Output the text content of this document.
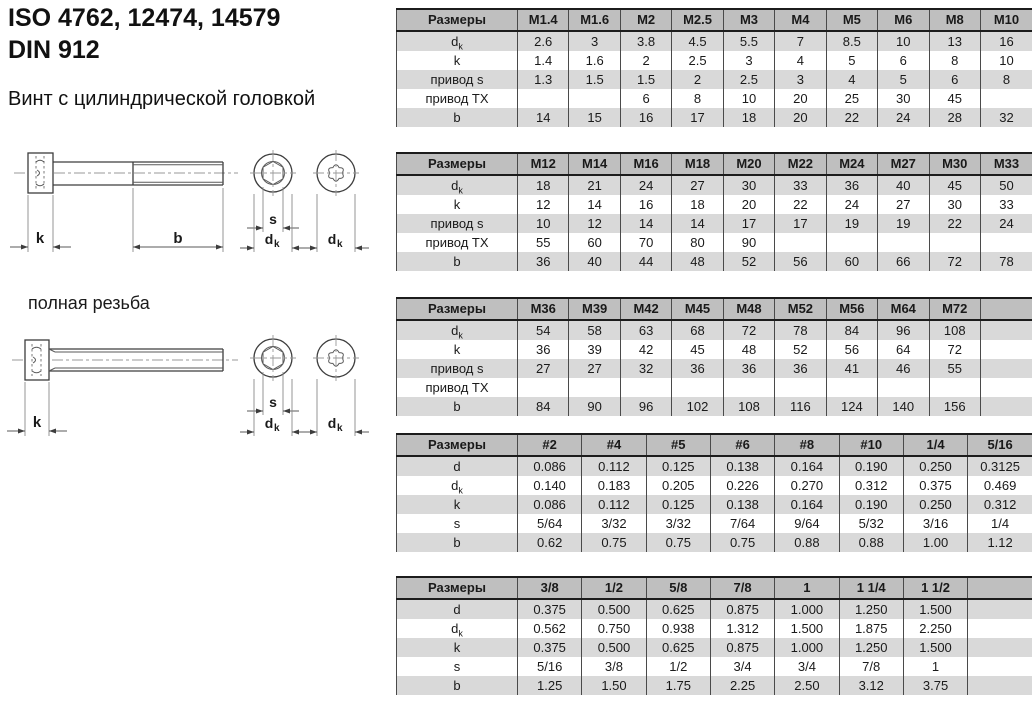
ISO 4762, 12474, 14579
DIN 912
Винт с цилиндрической головкой
полная резьба
k	b
s
d k	d k
k
s
d k	d k
Размеры	M1.4	M1.6	M2	M2.5	M3	M4	M5	M6	M8	M10
$d_k$	2.6	3	3.8	4.5	5.5	7	8.5	10	13	16
k	1.4	1.6	2	2.5	3	4	5	6	8	10
привод s	1.3	1.5	1.5	2	2.5	3	4	5	6	8
привод TX			6	8	10	20	25	30	45	
b	14	15	16	17	18	20	22	24	28	32
Размеры	M12	M14	M16	M18	M20	M22	M24	M27	M30	M33
$d_k$	18	21	24	27	30	33	36	40	45	50
k	12	14	16	18	20	22	24	27	30	33
привод s	10	12	14	14	17	17	19	19	22	24
привод TX	55	60	70	80	90					
b	36	40	44	48	52	56	60	66	72	78
Размеры	M36	M39	M42	M45	M48	M52	M56	M64	M72	
$d_k$	54	58	63	68	72	78	84	96	108	
k	36	39	42	45	48	52	56	64	72	
привод s	27	27	32	36	36	36	41	46	55	
привод TX										
b	84	90	96	102	108	116	124	140	156	
Размеры	#2	#4	#5	#6	#8	#10	1/4	5/16
d	0.086	0.112	0.125	0.138	0.164	0.190	0.250	0.3125
$d_k$	0.140	0.183	0.205	0.226	0.270	0.312	0.375	0.469
k	0.086	0.112	0.125	0.138	0.164	0.190	0.250	0.312
s	5/64	3/32	3/32	7/64	9/64	5/32	3/16	1/4
b	0.62	0.75	0.75	0.75	0.88	0.88	1.00	1.12
Размеры	3/8	1/2	5/8	7/8	1	1 1/4	1 1/2	
d	0.375	0.500	0.625	0.875	1.000	1.250	1.500	
$d_k$	0.562	0.750	0.938	1.312	1.500	1.875	2.250	
k	0.375	0.500	0.625	0.875	1.000	1.250	1.500	
s	5/16	3/8	1/2	3/4	3/4	7/8	1	
b	1.25	1.50	1.75	2.25	2.50	3.12	3.75	
